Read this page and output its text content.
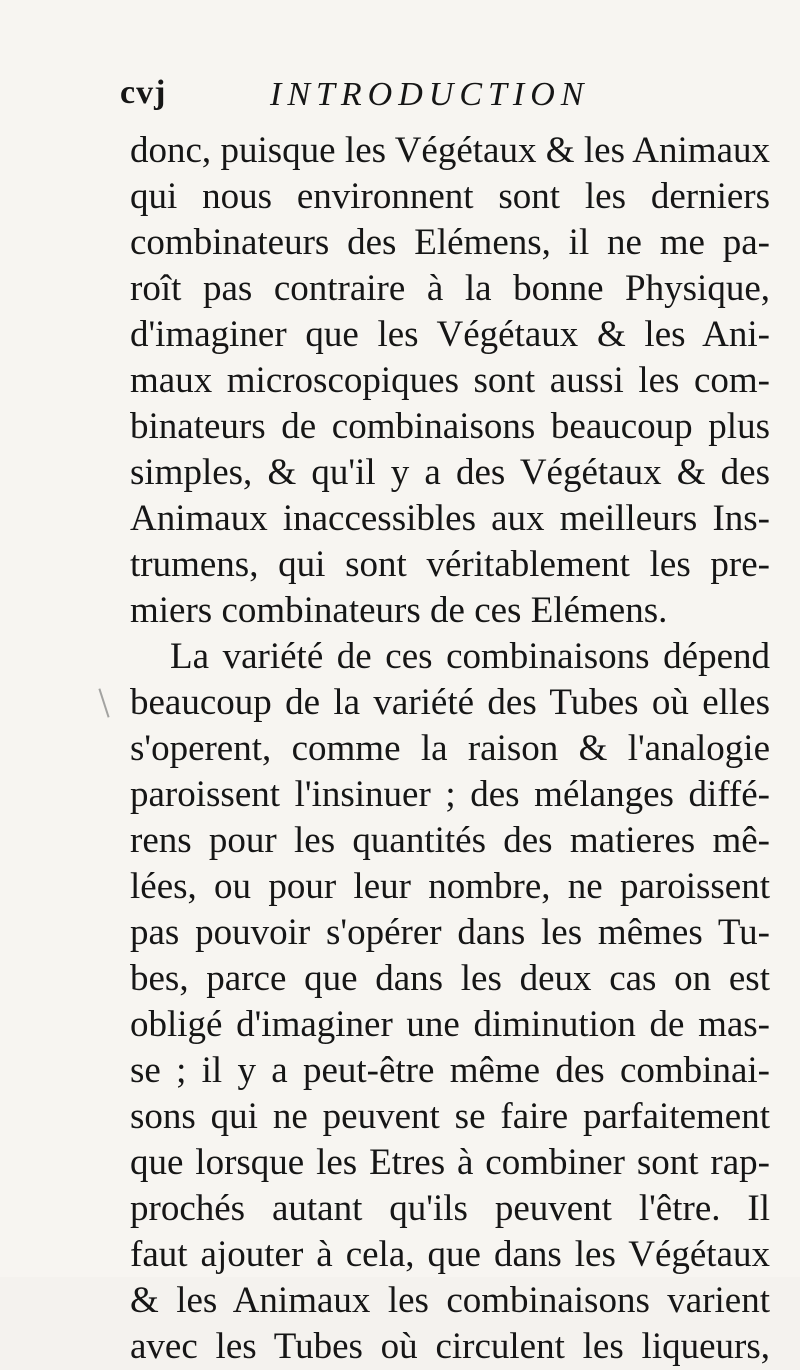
cvj	INTRODUCTION
donc, puisque les Végétaux & les Animaux
qui nous environnent sont les derniers
combinateurs des Elémens, il ne me pa-
roît pas contraire à la bonne Physique,
d'imaginer que les Végétaux & les Ani-
maux microscopiques sont aussi les com-
binateurs de combinaisons beaucoup plus
simples, & qu'il y a des Végétaux & des
Animaux inaccessibles aux meilleurs Ins-
trumens, qui sont véritablement les pre-
miers combinateurs de ces Elémens.
La variété de ces combinaisons dépend
beaucoup de la variété des Tubes où elles
s'operent, comme la raison & l'analogie
paroissent l'insinuer ; des mélanges diffé-
rens pour les quantités des matieres mê-
lées, ou pour leur nombre, ne paroissent
pas pouvoir s'opérer dans les mêmes Tu-
bes, parce que dans les deux cas on est
obligé d'imaginer une diminution de mas-
se ; il y a peut-être même des combinai-
sons qui ne peuvent se faire parfaitement
que lorsque les Etres à combiner sont rap-
prochés autant qu'ils peuvent l'être. Il
faut ajouter à cela, que dans les Végétaux
& les Animaux les combinaisons varient
avec les Tubes où circulent les liqueurs,
